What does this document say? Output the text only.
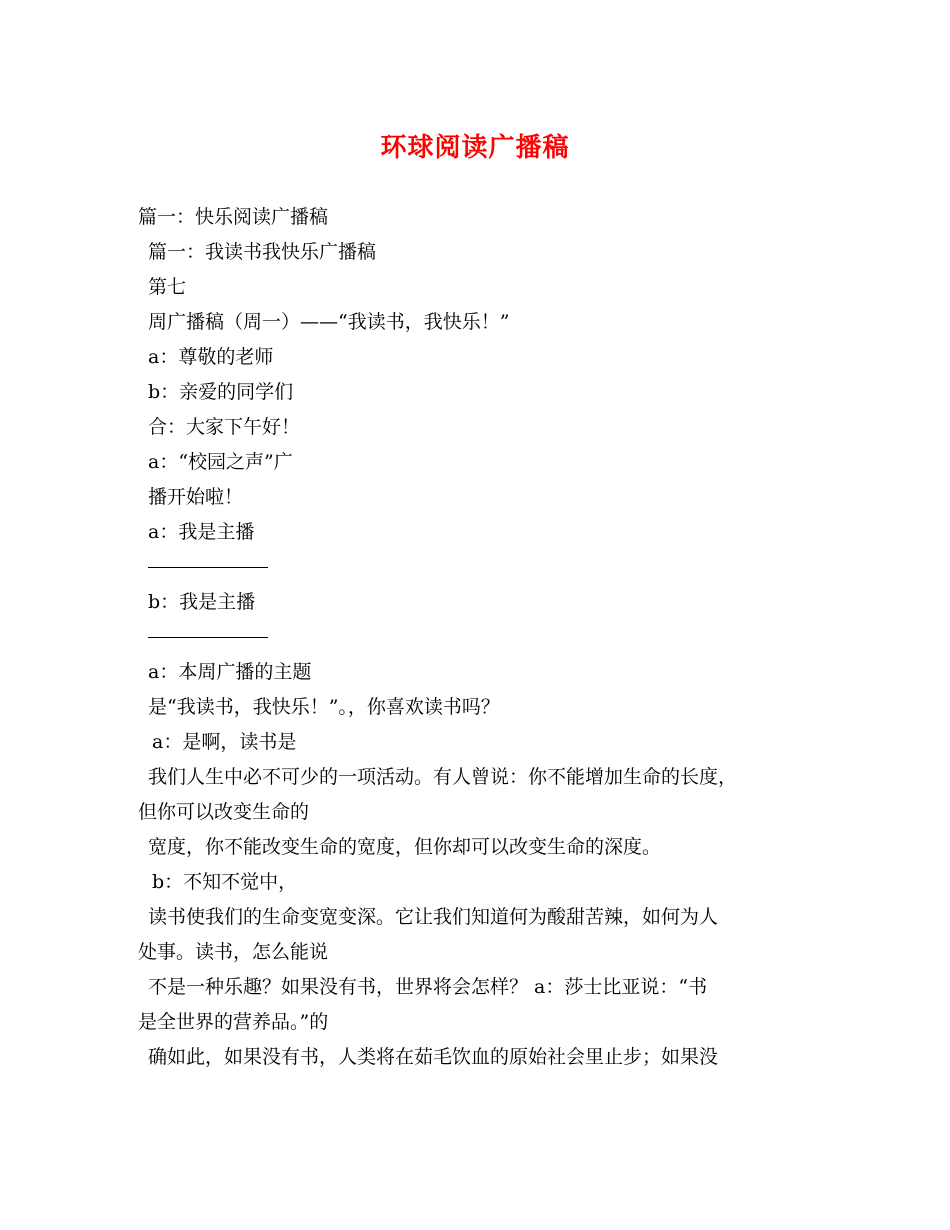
环球阅读广播稿
篇一：快乐阅读广播稿
篇一：我读书我快乐广播稿
第七
周广播稿（周一）——“我读书，我快乐！”
a：尊敬的老师
b：亲爱的同学们
合：大家下午好！
a：“校园之声”广
播开始啦！
a：我是主播
b：我是主播
a：本周广播的主题
是“我读书，我快乐！”。，你喜欢读书吗？
a：是啊，读书是
我们人生中必不可少的一项活动。有人曾说：你不能增加生命的长度，
但你可以改变生命的
宽度，你不能改变生命的宽度，但你却可以改变生命的深度。
b：不知不觉中，
读书使我们的生命变宽变深。它让我们知道何为酸甜苦辣，如何为人
处事。读书，怎么能说
不是一种乐趣？如果没有书，世界将会怎样？ a：莎士比亚说：“书
是全世界的营养品。”的
确如此，如果没有书，人类将在茹毛饮血的原始社会里止步；如果没
